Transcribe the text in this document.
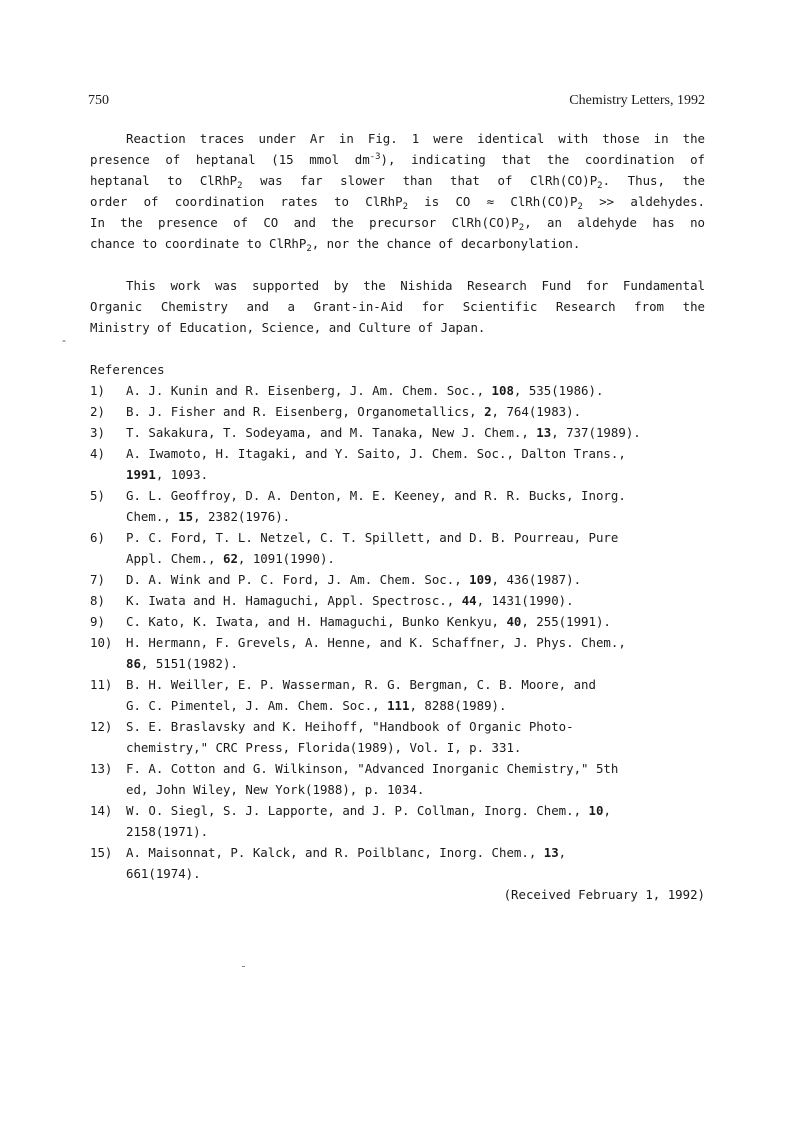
750	Chemistry Letters, 1992
-
Reaction traces under Ar in Fig. 1 were identical with those in the
presence of heptanal (15 mmol $dm^{-3}$), indicating that the coordination of
heptanal to ClRhP$_2$ was far slower than that of $ClRh(CO)P_2$. Thus, the
order of coordination rates to ClRhP$_2$ is CO ≈ $ClRh(CO)P_2$ >> aldehydes.
In the presence of CO and the precursor $ClRh(CO)P_2$, an aldehyde has no
chance to coordinate to ClRhP$_2$, nor the chance of decarbonylation.
This work was supported by the Nishida Research Fund for Fundamental
Organic Chemistry and a Grant-in-Aid for Scientific Research from the
Ministry of Education, Science, and Culture of Japan.
References
1) A. J. Kunin and R. Eisenberg, J. Am. Chem. Soc., 108, 535(1986).
2) B. J. Fisher and R. Eisenberg, Organometallics, 2, 764(1983).
3) T. Sakakura, T. Sodeyama, and M. Tanaka, New J. Chem., 13, 737(1989).
4) A. Iwamoto, H. Itagaki, and Y. Saito, J. Chem. Soc., Dalton Trans.,
1991, 1093.
5) G. L. Geoffroy, D. A. Denton, M. E. Keeney, and R. R. Bucks, Inorg.
Chem., 15, 2382(1976).
6) P. C. Ford, T. L. Netzel, C. T. Spillett, and D. B. Pourreau, Pure
Appl. Chem., 62, 1091(1990).
7) D. A. Wink and P. C. Ford, J. Am. Chem. Soc., 109, 436(1987).
8) K. Iwata and H. Hamaguchi, Appl. Spectrosc., 44, 1431(1990).
9) C. Kato, K. Iwata, and H. Hamaguchi, Bunko Kenkyu, 40, 255(1991).
10) H. Hermann, F. Grevels, A. Henne, and K. Schaffner, J. Phys. Chem.,
86, 5151(1982).
11) B. H. Weiller, E. P. Wasserman, R. G. Bergman, C. B. Moore, and
G. C. Pimentel, J. Am. Chem. Soc., 111, 8288(1989).
12) S. E. Braslavsky and K. Heihoff, "Handbook of Organic Photo-
chemistry," CRC Press, Florida(1989), Vol. I, p. 331.
13) F. A. Cotton and G. Wilkinson, "Advanced Inorganic Chemistry," 5th
ed, John Wiley, New York(1988), p. 1034.
14) W. O. Siegl, S. J. Lapporte, and J. P. Collman, Inorg. Chem., 10,
2158(1971).
15) A. Maisonnat, P. Kalck, and R. Poilblanc, Inorg. Chem., 13,
661(1974).
(Received February 1, 1992)
